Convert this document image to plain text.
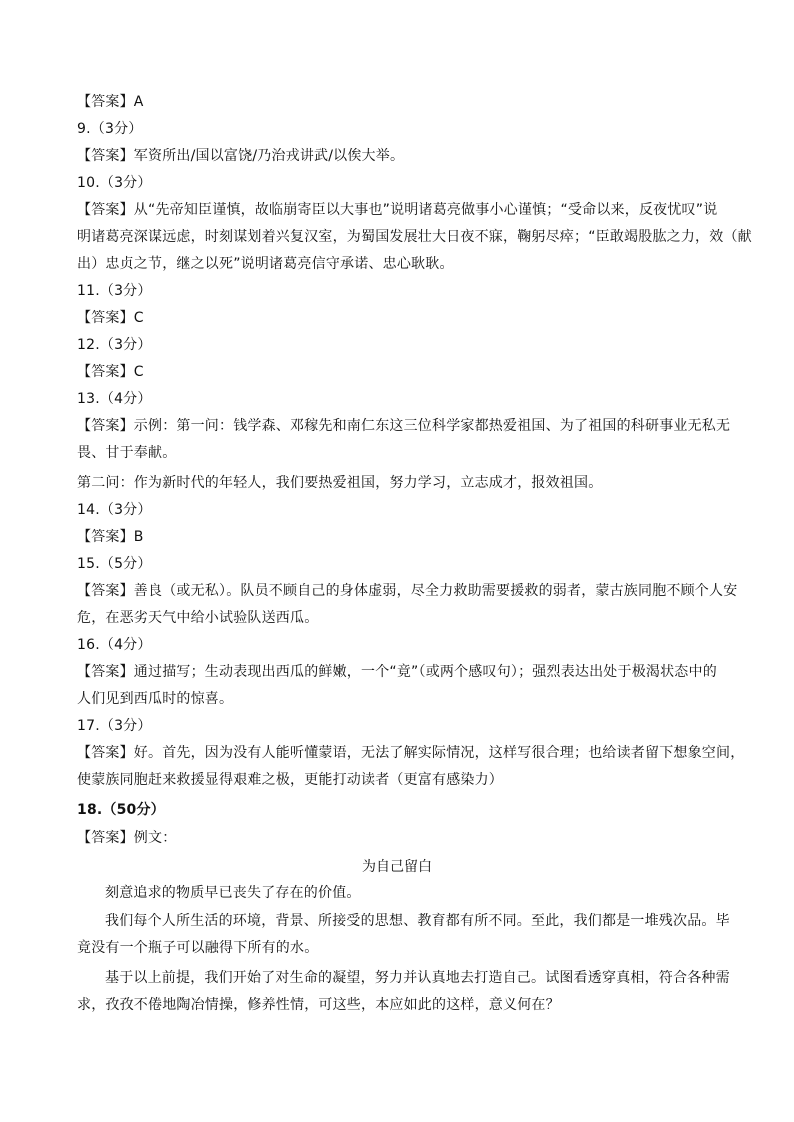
【答案】A
9.（3分）
【答案】军资所出/国以富饶/乃治戎讲武/以俟大举。
10.（3分）
【答案】从“先帝知臣谨慎，故临崩寄臣以大事也”说明诸葛亮做事小心谨慎；“受命以来，反夜忧叹”说
明诸葛亮深谋远虑，时刻谋划着兴复汉室，为蜀国发展壮大日夜不寐，鞠躬尽瘁；“臣敢竭股肱之力，效（献
出）忠贞之节，继之以死”说明诸葛亮信守承诺、忠心耿耿。
11.（3分）
【答案】C
12.（3分）
【答案】C
13.（4分）
【答案】示例：第一问：钱学森、邓稼先和南仁东这三位科学家都热爱祖国、为了祖国的科研事业无私无
畏、甘于奉献。
第二问：作为新时代的年轻人，我们要热爱祖国，努力学习，立志成才，报效祖国。
14.（3分）
【答案】B
15.（5分）
【答案】善良（或无私）。队员不顾自己的身体虚弱，尽全力救助需要援救的弱者，蒙古族同胞不顾个人安
危，在恶劣天气中给小试验队送西瓜。
16.（4分）
【答案】通过描写；生动表现出西瓜的鲜嫩，一个“竟”（或两个感叹句）；强烈表达出处于极渴状态中的
人们见到西瓜时的惊喜。
17.（3分）
【答案】好。首先，因为没有人能听懂蒙语，无法了解实际情况，这样写很合理；也给读者留下想象空间，
使蒙族同胞赶来救援显得艰难之极，更能打动读者（更富有感染力）
18.（50分）
【答案】例文：
为自己留白
刻意追求的物质早已丧失了存在的价值。
我们每个人所生活的环境，背景、所接受的思想、教育都有所不同。至此，我们都是一堆残次品。毕
竟没有一个瓶子可以融得下所有的水。
基于以上前提，我们开始了对生命的凝望，努力并认真地去打造自己。试图看透穿真相，符合各种需
求，孜孜不倦地陶冶情操，修养性情，可这些，本应如此的这样，意义何在？
